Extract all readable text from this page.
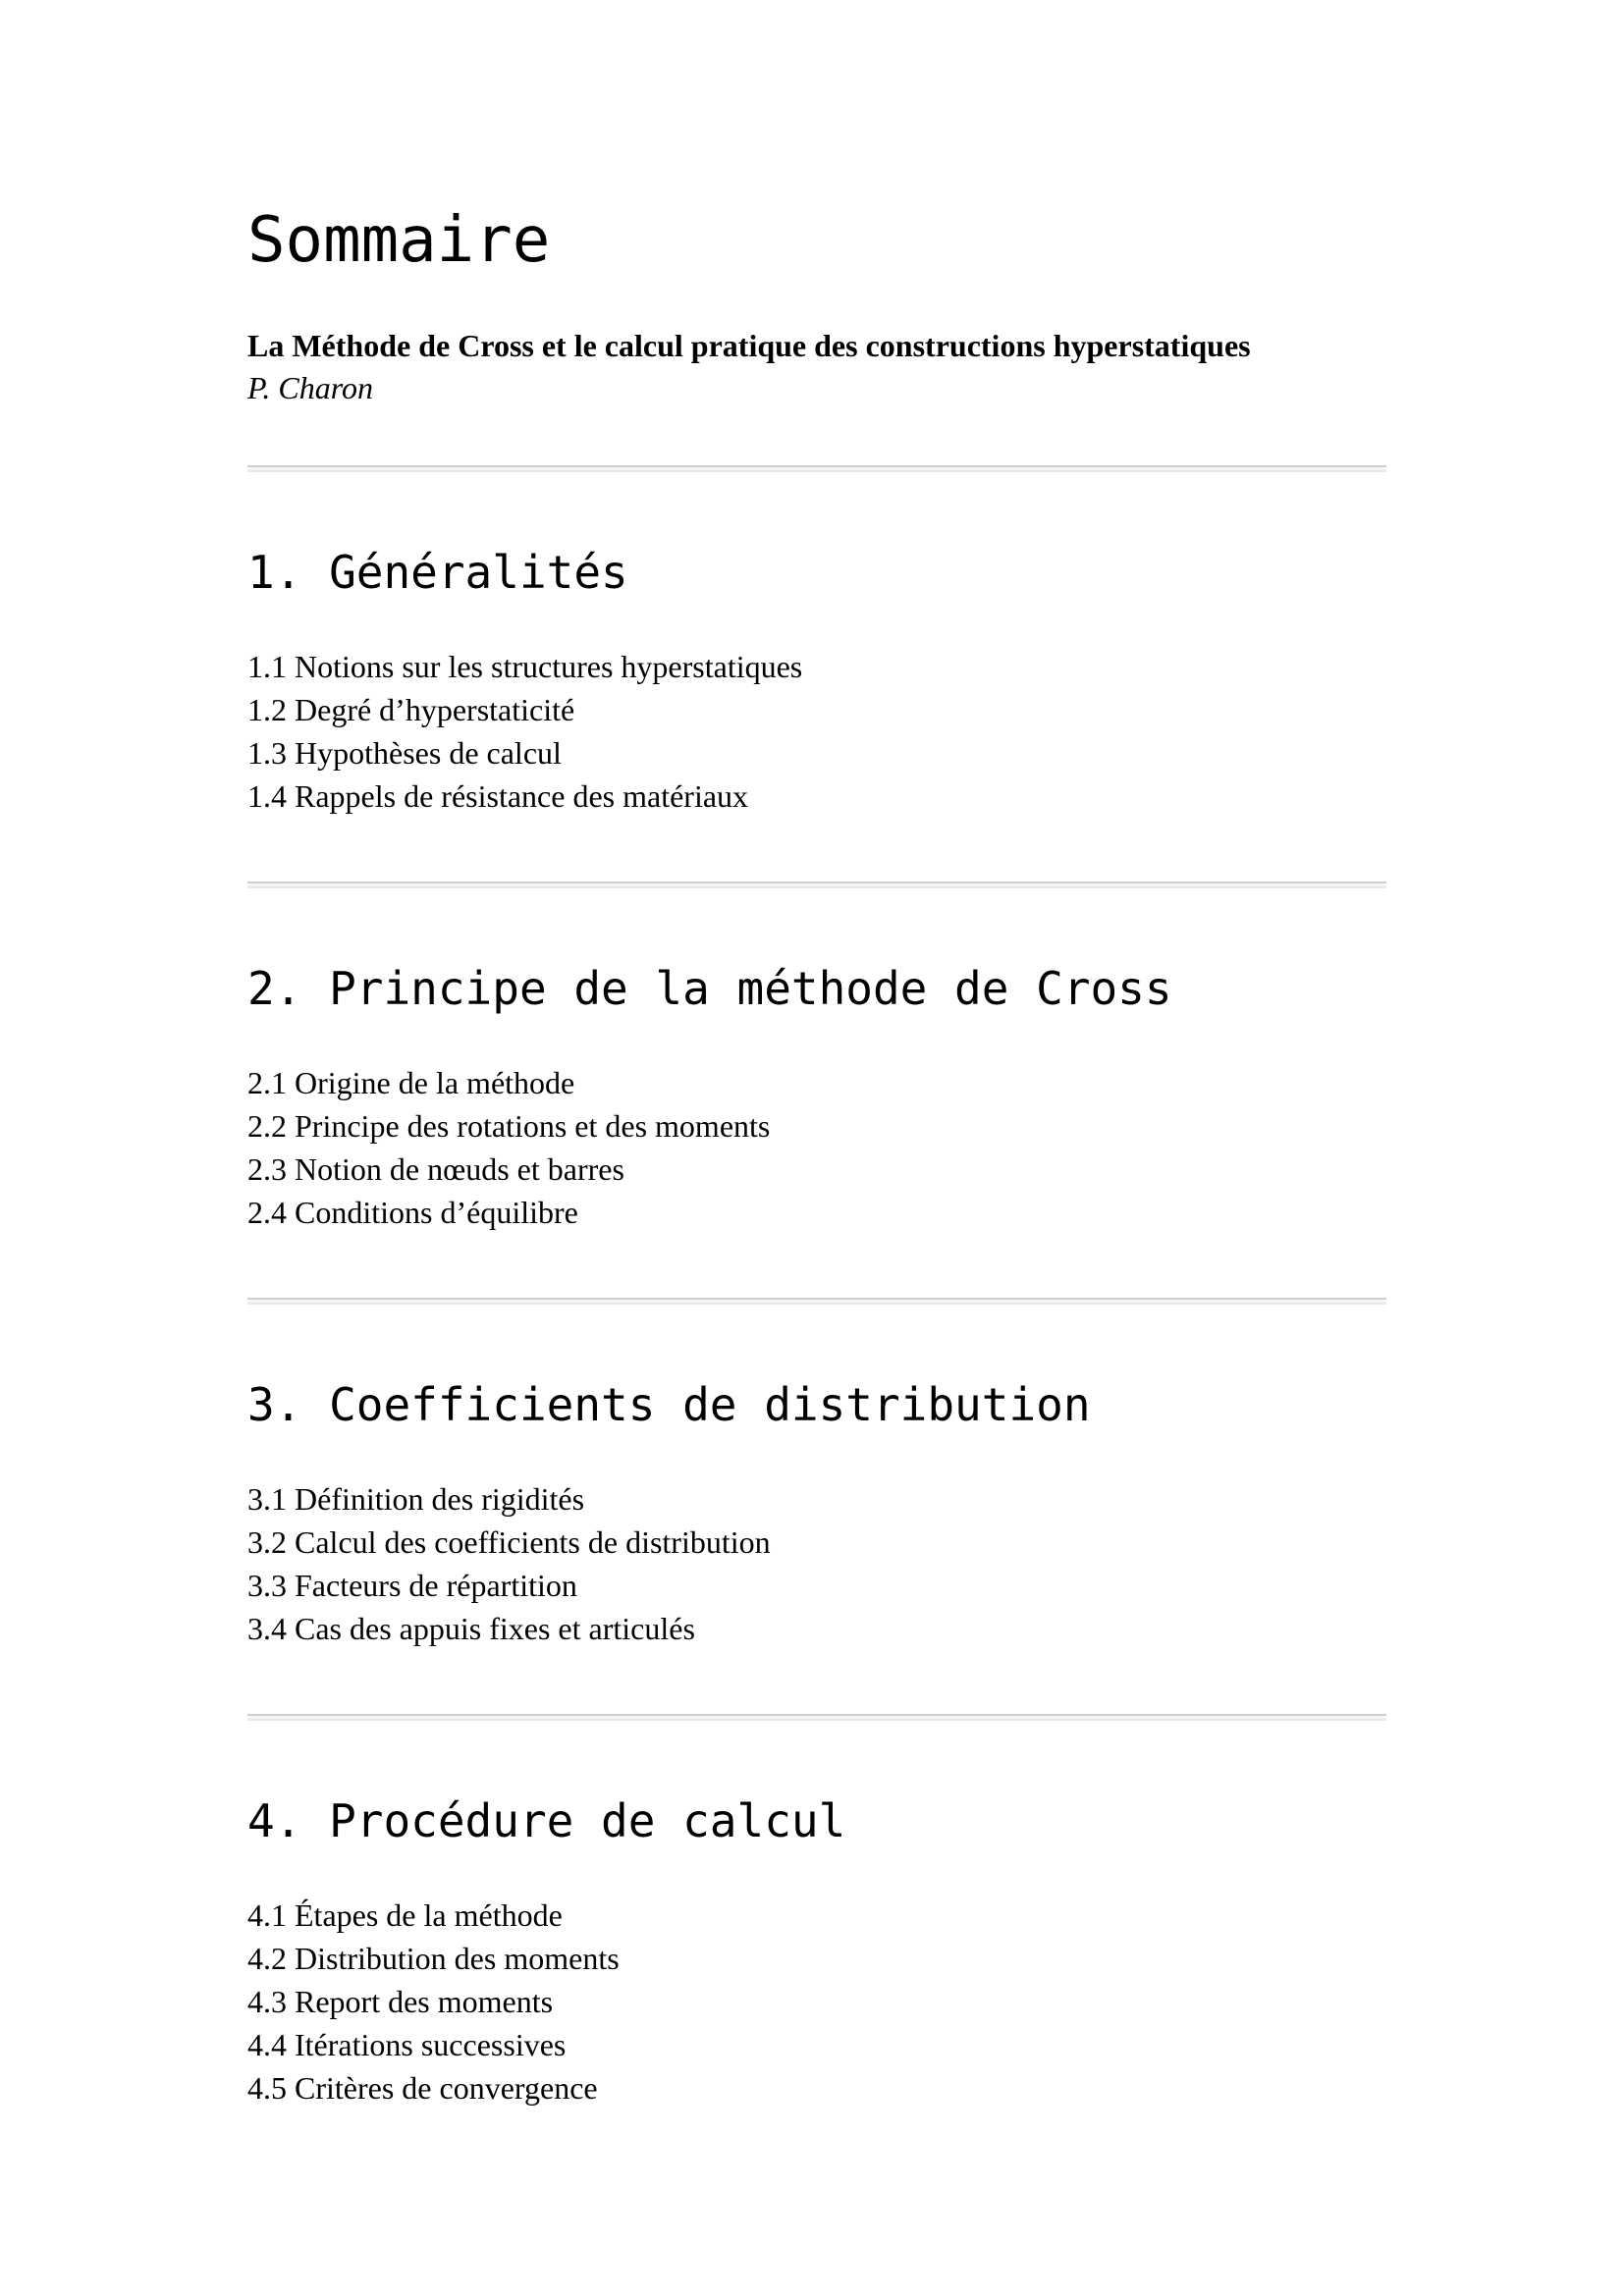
Sommaire
La Méthode de Cross et le calcul pratique des constructions hyperstatiques
P. Charon
1. Généralités
1.1 Notions sur les structures hyperstatiques
1.2 Degré d’hyperstaticité
1.3 Hypothèses de calcul
1.4 Rappels de résistance des matériaux
2. Principe de la méthode de Cross
2.1 Origine de la méthode
2.2 Principe des rotations et des moments
2.3 Notion de nœuds et barres
2.4 Conditions d’équilibre
3. Coefficients de distribution
3.1 Définition des rigidités
3.2 Calcul des coefficients de distribution
3.3 Facteurs de répartition
3.4 Cas des appuis fixes et articulés
4. Procédure de calcul
4.1 Étapes de la méthode
4.2 Distribution des moments
4.3 Report des moments
4.4 Itérations successives
4.5 Critères de convergence
